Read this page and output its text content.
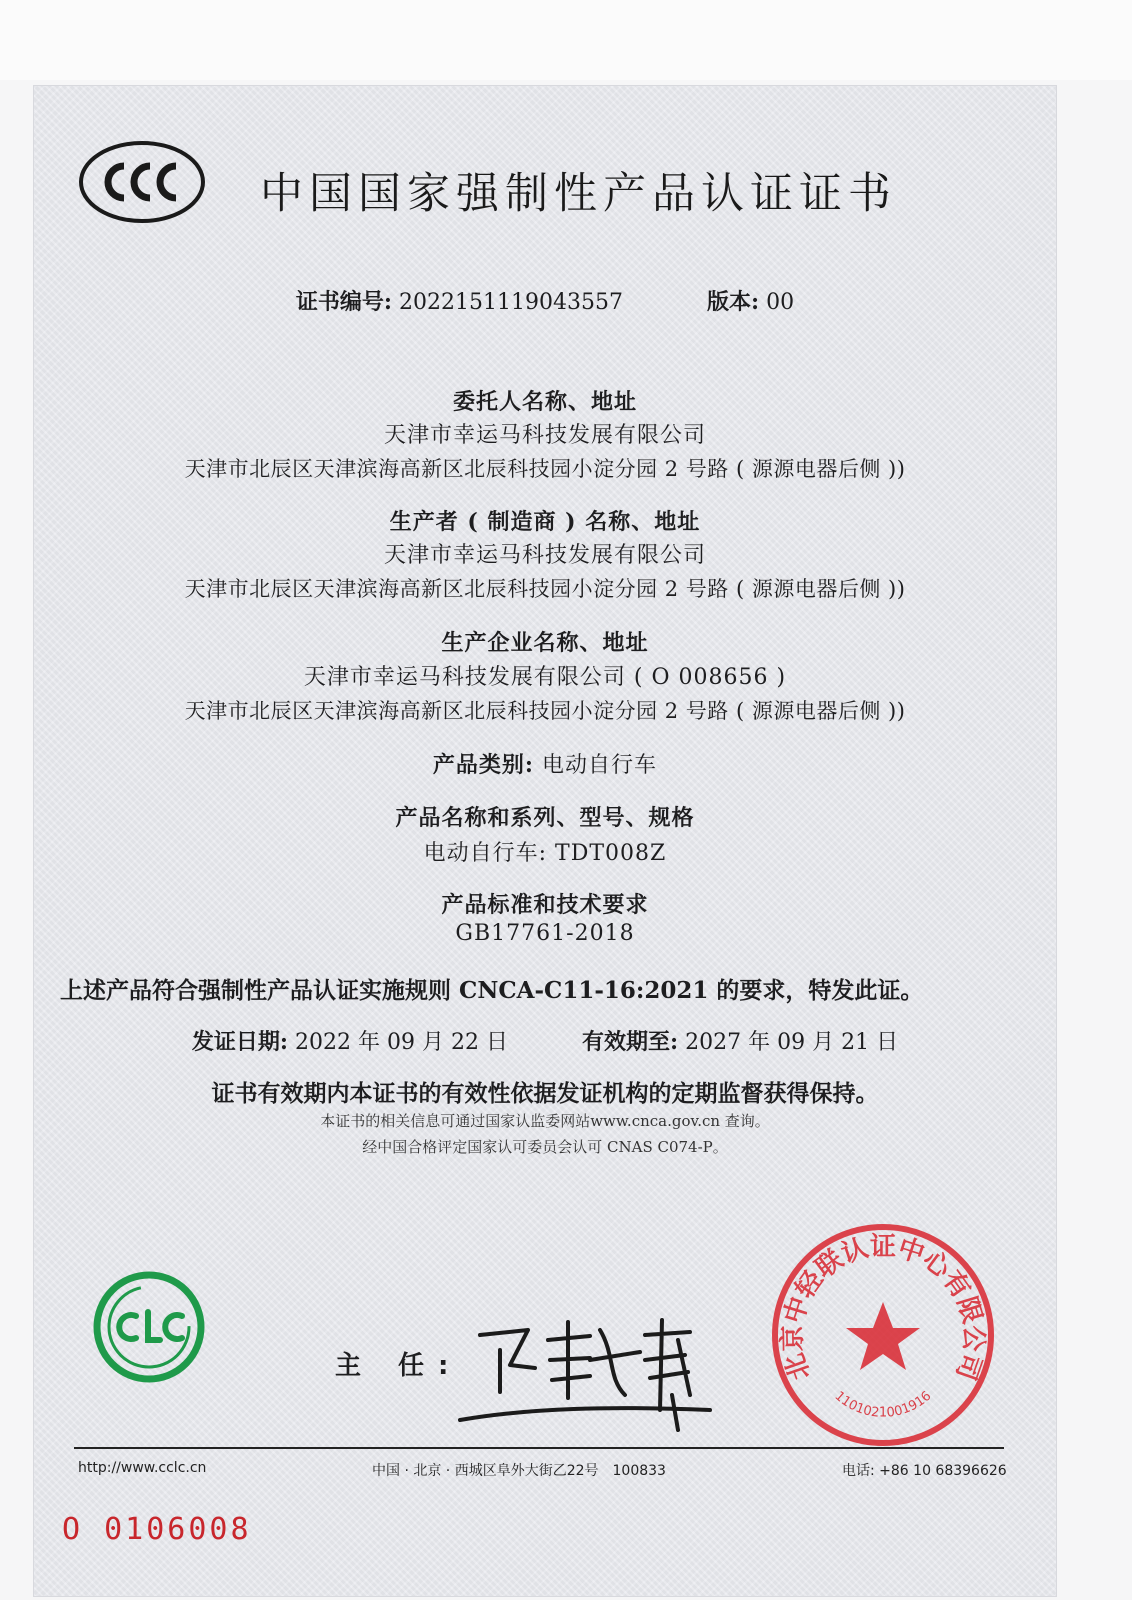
中国国家强制性产品认证证书
证书编号: 2022151119043557	版本: 00
委托人名称、地址
天津市幸运马科技发展有限公司
天津市北辰区天津滨海高新区北辰科技园小淀分园 2 号路 ( 源源电器后侧 ))
生产者 ( 制造商 ) 名称、地址
天津市幸运马科技发展有限公司
天津市北辰区天津滨海高新区北辰科技园小淀分园 2 号路 ( 源源电器后侧 ))
生产企业名称、地址
天津市幸运马科技发展有限公司 ( O 008656 )
天津市北辰区天津滨海高新区北辰科技园小淀分园 2 号路 ( 源源电器后侧 ))
产品类别: 电动自行车
产品名称和系列、型号、规格
电动自行车: TDT008Z
产品标准和技术要求
GB17761-2018
上述产品符合强制性产品认证实施规则 CNCA-C11-16:2021 的要求，特发此证。
发证日期: 2022 年 09 月 22 日	有效期至: 2027 年 09 月 21 日
证书有效期内本证书的有效性依据发证机构的定期监督获得保持。
本证书的相关信息可通过国家认监委网站www.cnca.gov.cn 查询。
经中国合格评定国家认可委员会认可 CNAS C074-P。
主 任:	北京中轻联认证中心有限公司
1101021001916
http://www.cclc.cn	中国 · 北京 · 西城区阜外大街乙22号　100833	电话: +86 10 68396626
O 0106008
